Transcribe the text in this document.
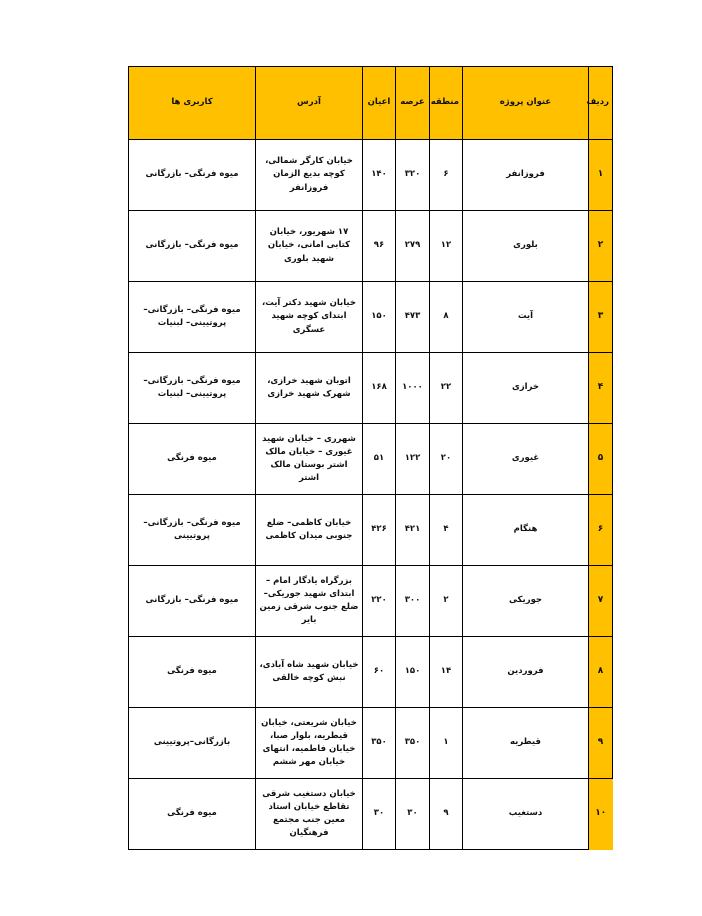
ردیف	عنوان پروژه	منطقه	عرصه	اعیان	آدرس	کاربری ها
۱	فروزانفر	۶	۳۲۰	۱۴۰	خیابان کارگر شمالی، کوچه بدیع الزمان فروزانفر	میوه فرنگی– بازرگانی
۲	بلوری	۱۲	۲۷۹	۹۶	۱۷ شهریور، خیابان کتابی امانی، خیابان شهید بلوری	میوه فرنگی– بازرگانی
۳	آیت	۸	۴۷۳	۱۵۰	خیابان شهید دکتر آیت، ابتدای کوچه شهید عسگری	میوه فرنگی– بازرگانی–پروتیینی– لبنیات
۴	خرازی	۲۲	۱۰۰۰	۱۶۸	اتوبان شهید خرازی، شهرک شهید خرازی	میوه فرنگی– بازرگانی–پروتیینی– لبنیات
۵	غیوری	۲۰	۱۲۲	۵۱	شهرری – خیابان شهید غیوری – خیابان مالک اشتر بوستان مالک اشتر	میوه فرنگی
۶	هنگام	۴	۴۲۱	۴۲۶	خیابان کاظمی– ضلع جنوبی میدان کاظمی	میوه فرنگی– بازرگانی–پروتیینی
۷	جوریکی	۲	۳۰۰	۲۲۰	بزرگراه یادگار امام – ابتدای شهید جوریکی–ضلع جنوب شرقی زمین بایر	میوه فرنگی– بازرگانی
۸	فروردین	۱۴	۱۵۰	۶۰	خیابان شهید شاه آبادی، نبش کوچه خالقی	میوه فرنگی
۹	قیطریه	۱	۳۵۰	۳۵۰	خیابان شریعتی، خیابان قیطریه، بلوار صبا، خیابان فاطمیه، انتهای خیابان مهر ششم	بازرگانی–پروتیینی
۱۰	دستغیب	۹	۳۰	۳۰	خیابان دستغیب شرقی تقاطع خیابان استاد معین جنب مجتمع فرهنگیان	میوه فرنگی
